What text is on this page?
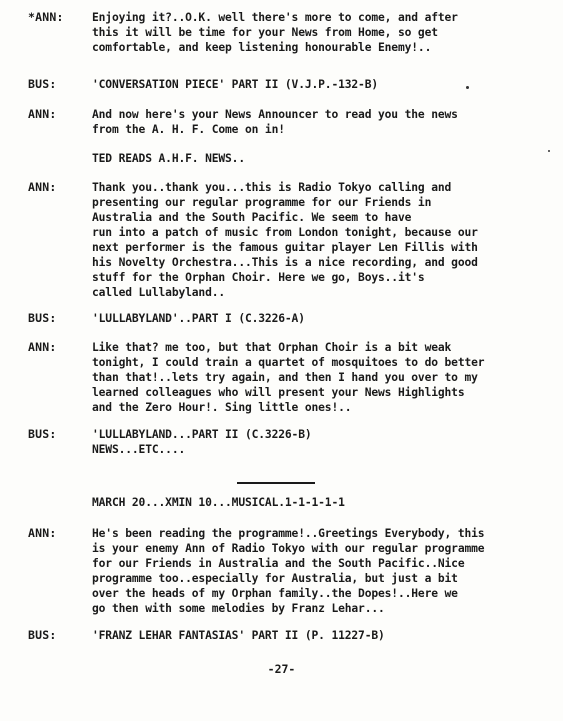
*ANN:	Enjoying it?..O.K. well there's more to come, and after
this it will be time for your News from Home, so get
comfortable, and keep listening honourable Enemy!..
BUS:	'CONVERSATION PIECE' PART II (V.J.P.-132-B)
ANN:	And now here's your News Announcer to read you the news
from the A. H. F. Come on in!
TED READS A.H.F. NEWS..
ANN:	Thank you..thank you...this is Radio Tokyo calling and
presenting our regular programme for our Friends in
Australia and the South Pacific. We seem to have
run into a patch of music from London tonight, because our
next performer is the famous guitar player Len Fillis with
his Novelty Orchestra...This is a nice recording, and good
stuff for the Orphan Choir. Here we go, Boys..it's
called Lullabyland..
BUS:	'LULLABYLAND'..PART I (C.3226-A)
ANN:	Like that? me too, but that Orphan Choir is a bit weak
tonight, I could train a quartet of mosquitoes to do better
than that!..lets try again, and then I hand you over to my
learned colleagues who will present your News Highlights
and the Zero Hour!. Sing little ones!..
BUS:	'LULLABYLAND...PART II (C.3226-B)
NEWS...ETC....
MARCH 20...XMIN 10...MUSICAL.1-1-1-1-1
ANN:	He's been reading the programme!..Greetings Everybody, this
is your enemy Ann of Radio Tokyo with our regular programme
for our Friends in Australia and the South Pacific..Nice
programme too..especially for Australia, but just a bit
over the heads of my Orphan family..the Dopes!..Here we
go then with some melodies by Franz Lehar...
BUS:	'FRANZ LEHAR FANTASIAS' PART II (P. 11227-B)
-27-
